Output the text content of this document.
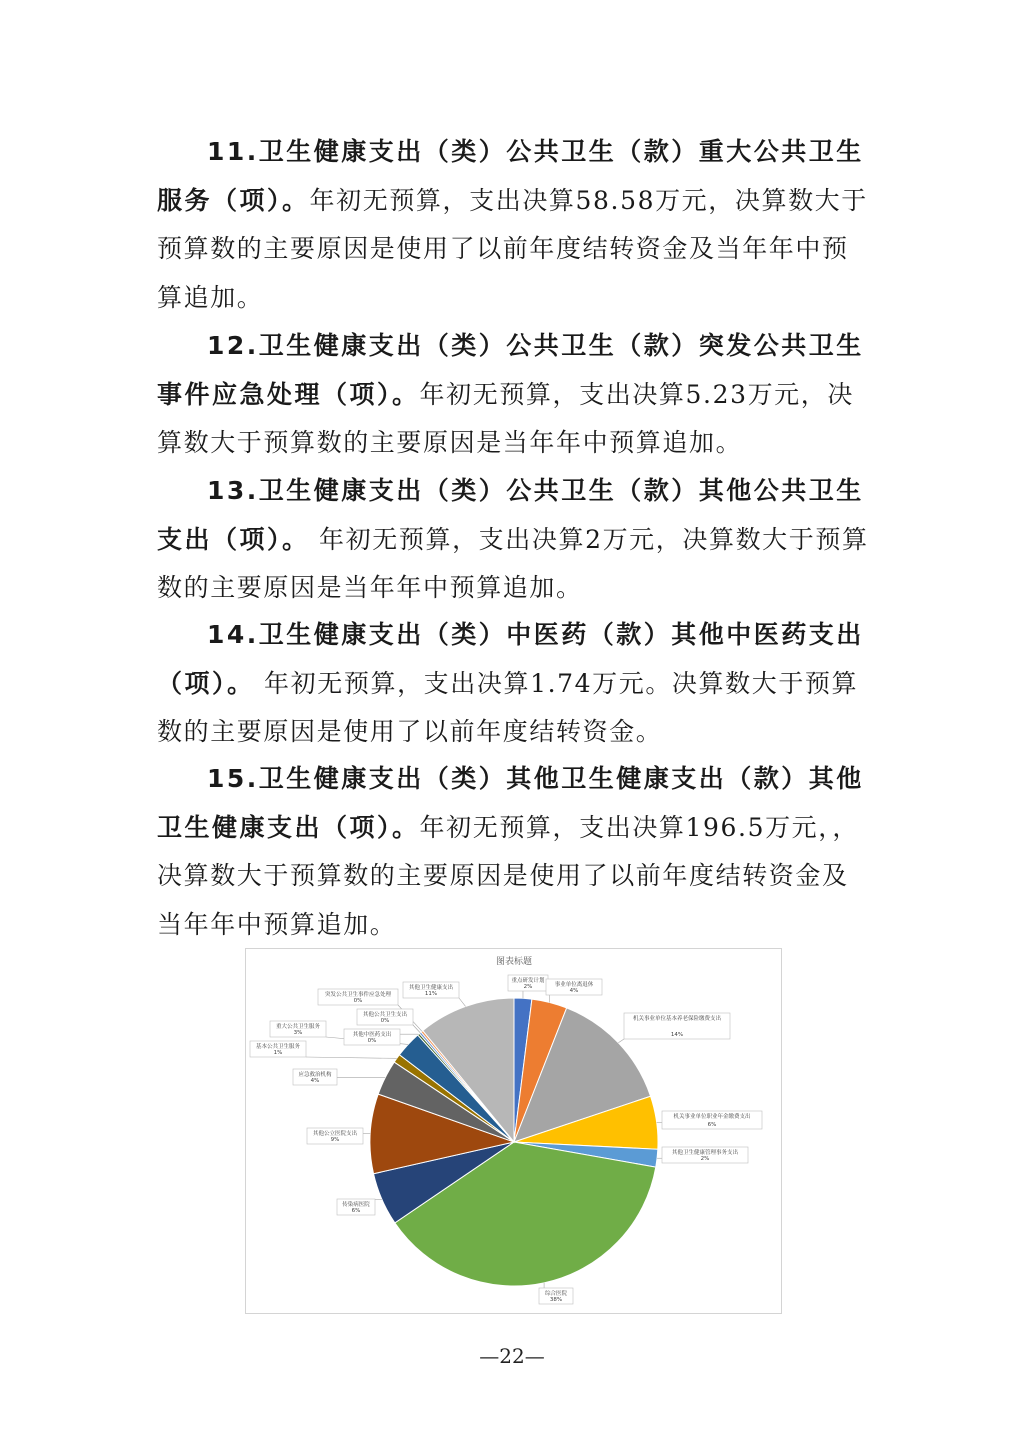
11.卫生健康支出（类）公共卫生（款）重大公共卫生服务（项）。年初无预算，支出决算58.58万元，决算数大于预算数的主要原因是使用了以前年度结转资金及当年年中预算追加。

12.卫生健康支出（类）公共卫生（款）突发公共卫生事件应急处理（项）。年初无预算，支出决算5.23万元，决算数大于预算数的主要原因是当年年中预算追加。

13.卫生健康支出（类）公共卫生（款）其他公共卫生支出（项）。 年初无预算，支出决算2万元，决算数大于预算数的主要原因是当年年中预算追加。

14.卫生健康支出（类）中医药（款）其他中医药支出（项）。 年初无预算，支出决算1.74万元。决算数大于预算数的主要原因是使用了以前年度结转资金。

15.卫生健康支出（类）其他卫生健康支出（款）其他卫生健康支出（项）。年初无预算，支出决算196.5万元，，决算数大于预算数的主要原因是使用了以前年度结转资金及当年年中预算追加。

图表标题
重点研发计划
2%	事业单位离退休
4%
机关事业单位基本养老保险缴费支出
14%
机关事业单位职业年金缴费支出
6%
其他卫生健康管理事务支出
2%
综合医院
38%
传染病医院
6%
其他公立医院支出
9%
应急救治机构
4%
基本公共卫生服务
1%
重大公共卫生服务
3%	其他中医药支出
0%
其他公共卫生支出
0%
突发公共卫生事件应急处理
0%
其他卫生健康支出
11%
—22—
